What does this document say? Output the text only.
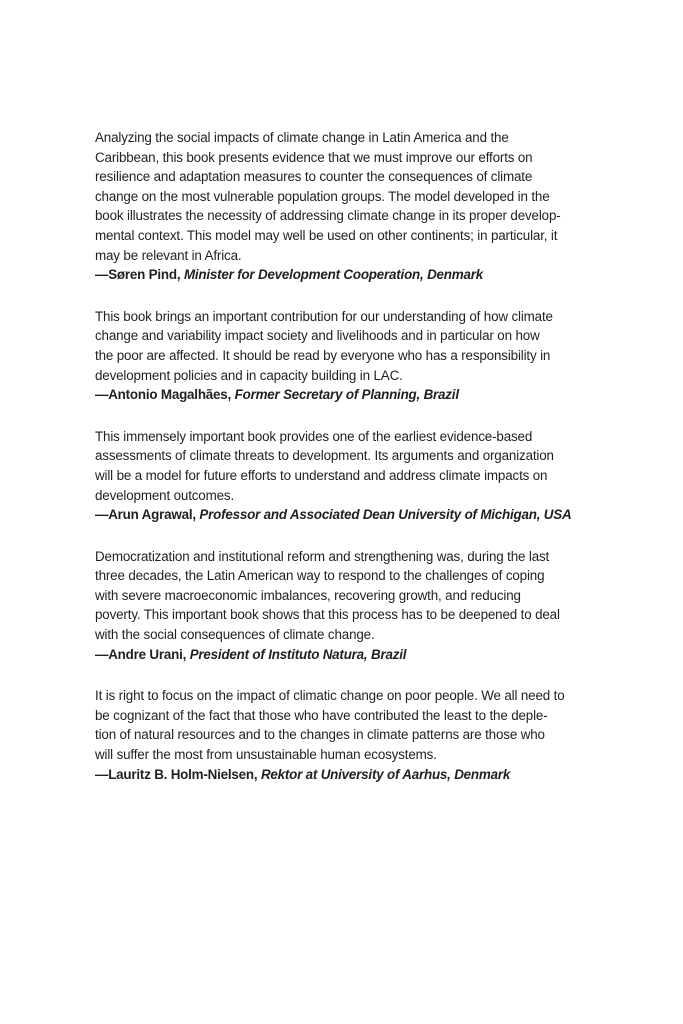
Analyzing the social impacts of climate change in Latin America and the
Caribbean, this book presents evidence that we must improve our efforts on
resilience and adaptation measures to counter the consequences of climate
change on the most vulnerable population groups. The model developed in the
book illustrates the necessity of addressing climate change in its proper develop-
mental context. This model may well be used on other continents; in particular, it
may be relevant in Africa.

—Søren Pind, Minister for Development Cooperation, Denmark

This book brings an important contribution for our understanding of how climate
change and variability impact society and livelihoods and in particular on how
the poor are affected. It should be read by everyone who has a responsibility in
development policies and in capacity building in LAC.

—Antonio Magalhães, Former Secretary of Planning, Brazil

This immensely important book provides one of the earliest evidence-based
assessments of climate threats to development. Its arguments and organization
will be a model for future efforts to understand and address climate impacts on
development outcomes.

—Arun Agrawal, Professor and Associated Dean University of Michigan, USA

Democratization and institutional reform and strengthening was, during the last
three decades, the Latin American way to respond to the challenges of coping
with severe macroeconomic imbalances, recovering growth, and reducing
poverty. This important book shows that this process has to be deepened to deal
with the social consequences of climate change.

—Andre Urani, President of Instituto Natura, Brazil

It is right to focus on the impact of climatic change on poor people. We all need to
be cognizant of the fact that those who have contributed the least to the deple-
tion of natural resources and to the changes in climate patterns are those who
will suffer the most from unsustainable human ecosystems.

—Lauritz B. Holm-Nielsen, Rektor at University of Aarhus, Denmark
